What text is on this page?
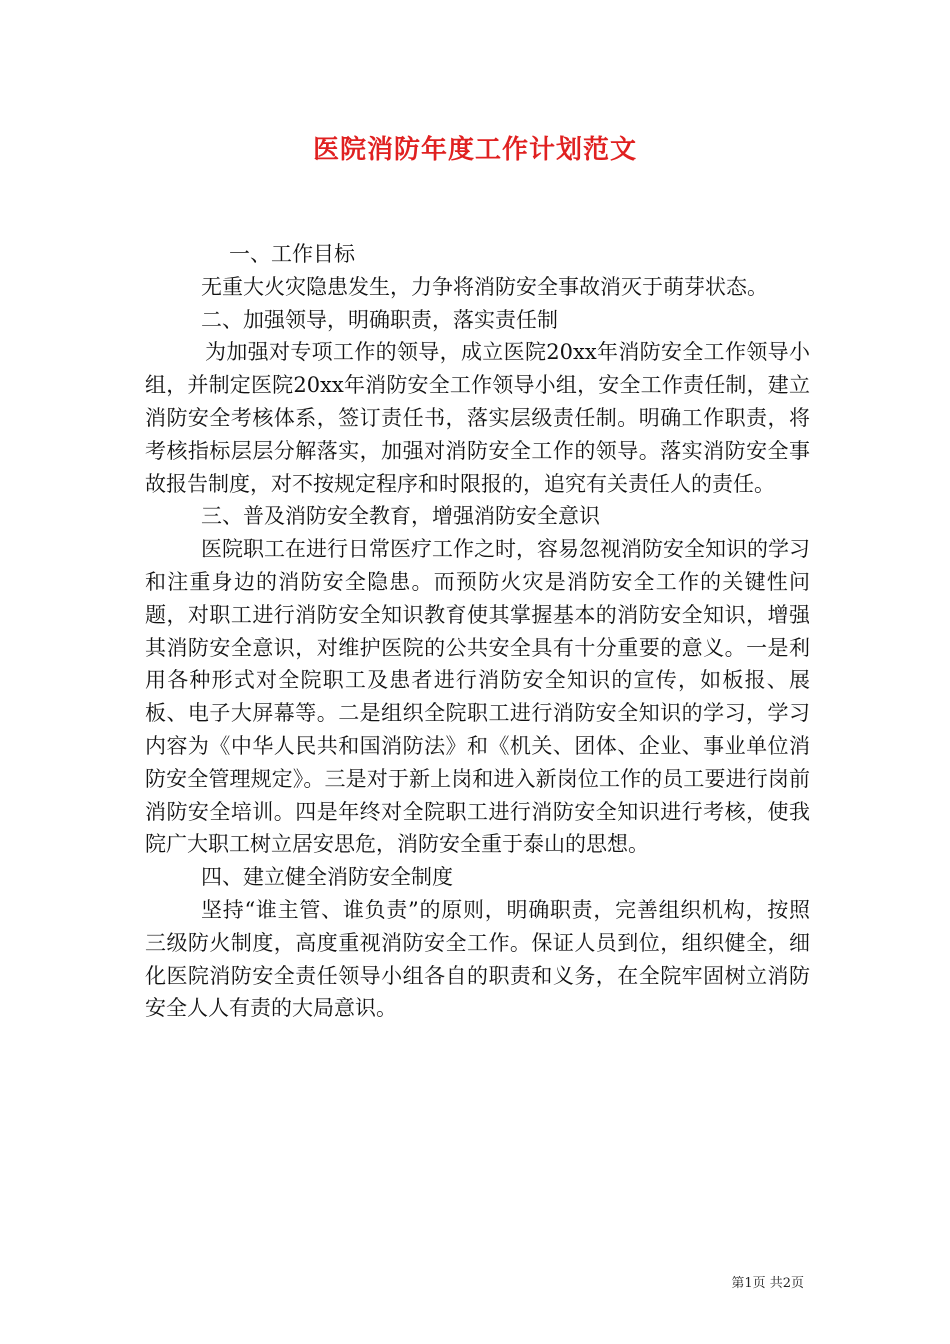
医院消防年度工作计划范文

一、工作目标

无重大火灾隐患发生，力争将消防安全事故消灭于萌芽状态。

二、加强领导，明确职责，落实责任制

为加强对专项工作的领导，成立医院20xx年消防安全工作领导小组，并制定医院20xx年消防安全工作领导小组，安全工作责任制，建立消防安全考核体系，签订责任书，落实层级责任制。明确工作职责，将考核指标层层分解落实，加强对消防安全工作的领导。落实消防安全事故报告制度，对不按规定程序和时限报的，追究有关责任人的责任。

三、普及消防安全教育，增强消防安全意识

医院职工在进行日常医疗工作之时，容易忽视消防安全知识的学习和注重身边的消防安全隐患。而预防火灾是消防安全工作的关键性问题，对职工进行消防安全知识教育使其掌握基本的消防安全知识，增强其消防安全意识，对维护医院的公共安全具有十分重要的意义。一是利用各种形式对全院职工及患者进行消防安全知识的宣传，如板报、展板、电子大屏幕等。二是组织全院职工进行消防安全知识的学习，学习内容为《中华人民共和国消防法》和《机关、团体、企业、事业单位消防安全管理规定》。三是对于新上岗和进入新岗位工作的员工要进行岗前消防安全培训。四是年终对全院职工进行消防安全知识进行考核，使我院广大职工树立居安思危，消防安全重于泰山的思想。

四、建立健全消防安全制度

坚持“谁主管、谁负责”的原则，明确职责，完善组织机构，按照三级防火制度，高度重视消防安全工作。保证人员到位，组织健全，细化医院消防安全责任领导小组各自的职责和义务，在全院牢固树立消防安全人人有责的大局意识。

第1页 共2页
